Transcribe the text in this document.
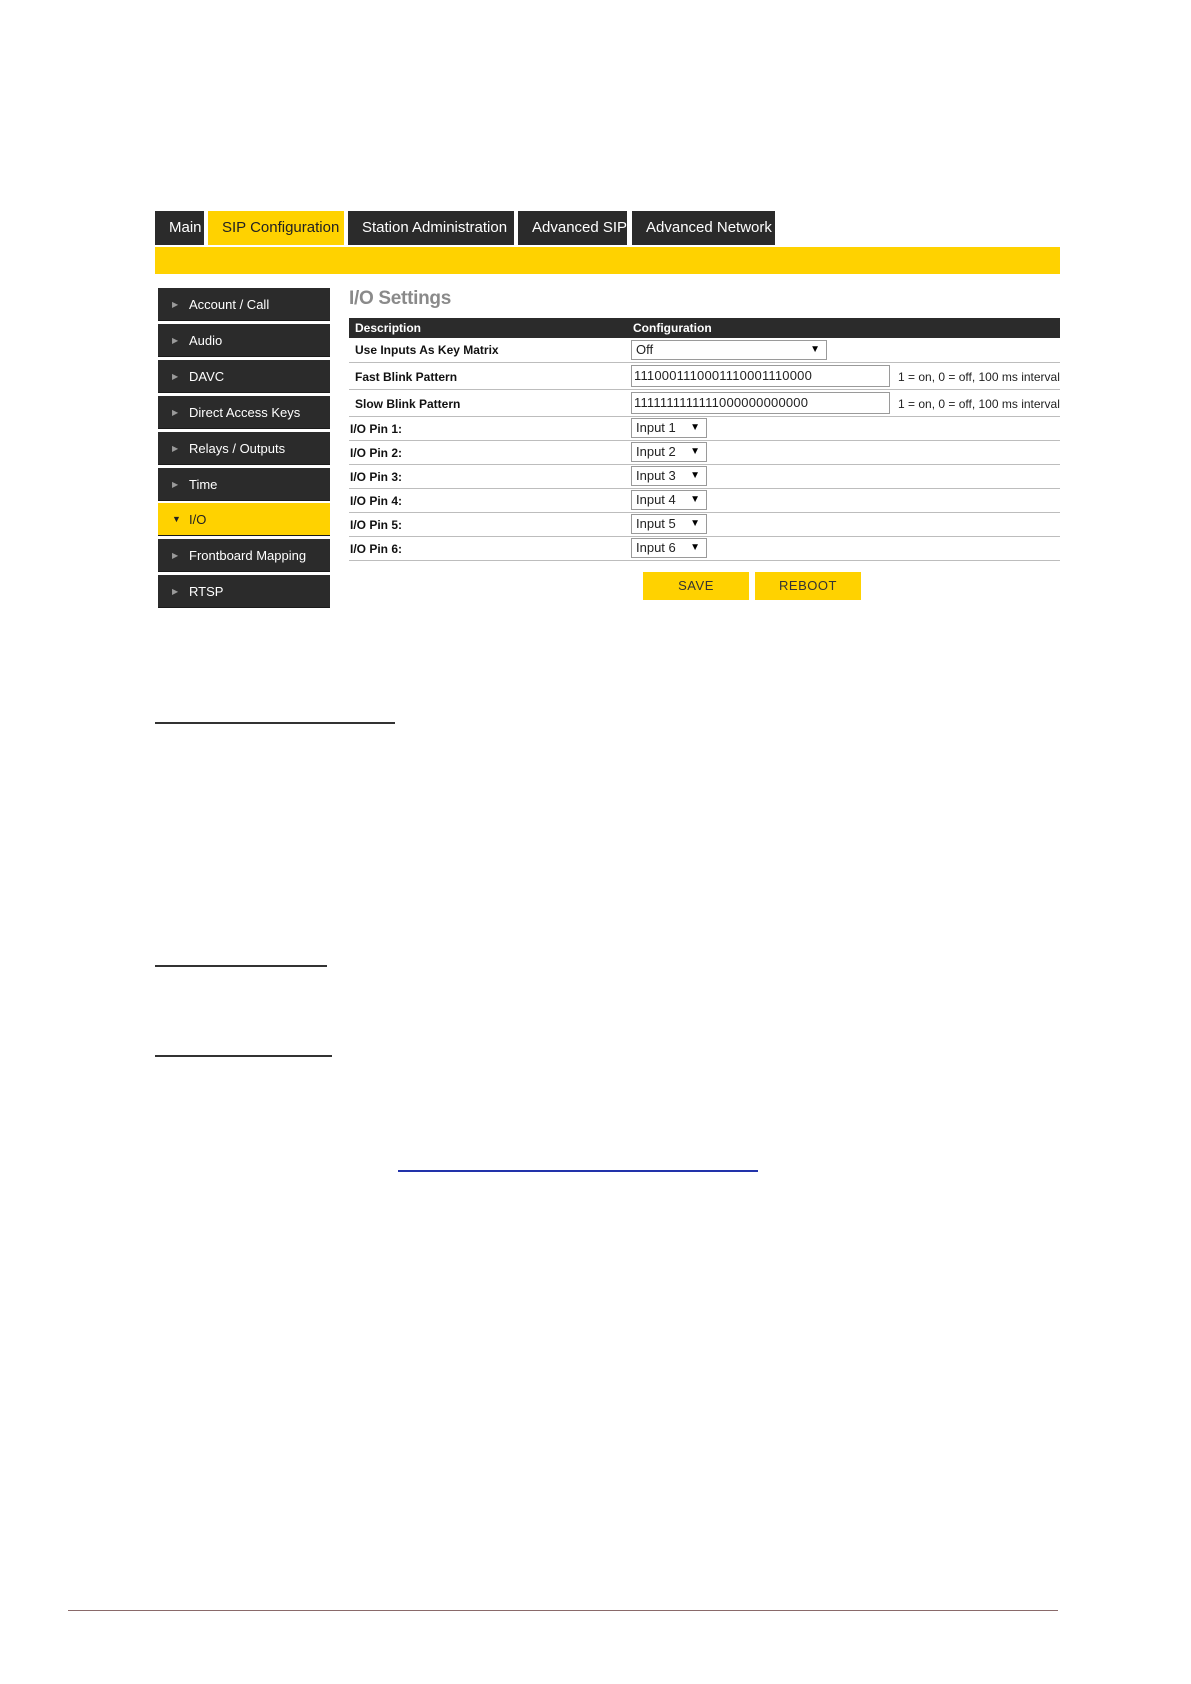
Main	SIP Configuration	Station Administration	Advanced SIP	Advanced Network
▶ Account / Call
▶ Audio
▶ DAVC
▶ Direct Access Keys
▶ Relays / Outputs
▶ Time
▼ I/O
▶ Frontboard Mapping
▶ RTSP
I/O Settings
Description	Configuration
Use Inputs As Key Matrix	Off	▼
Fast Blink Pattern	1110001110001110001110000	1 = on, 0 = off, 100 ms interval
Slow Blink Pattern	1111111111111000000000000	1 = on, 0 = off, 100 ms interval
I/O Pin 1:	Input 1 ▼
I/O Pin 2:	Input 2 ▼
I/O Pin 3:	Input 3 ▼
I/O Pin 4:	Input 4 ▼
I/O Pin 5:	Input 5 ▼
I/O Pin 6:	Input 6 ▼
SAVE	REBOOT
